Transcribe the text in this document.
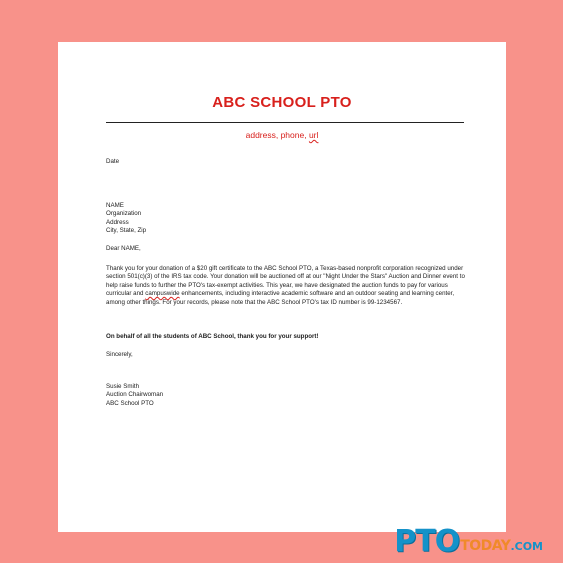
ABC SCHOOL PTO
address, phone, url

Date

NAME

Organization

Address

City, State, Zip

Dear NAME,

Thank you for your donation of a $20 gift certificate to the ABC School PTO, a Texas-based nonprofit corporation recognized under section 501(c)(3) of the IRS tax code. Your donation will be auctioned off at our "Night Under the Stars" Auction and Dinner event to help raise funds to further the PTO's tax-exempt activities. This year, we have designated the auction funds to pay for various curricular and campuswide enhancements, including interactive academic software and an outdoor seating and learning center, among other things. For your records, please note that the ABC School PTO's tax ID number is 99-1234567.

On behalf of all the students of ABC School, thank you for your support!

Sincerely,

Susie Smith

Auction Chairwoman

ABC School PTO

PTO TODAY .COM
